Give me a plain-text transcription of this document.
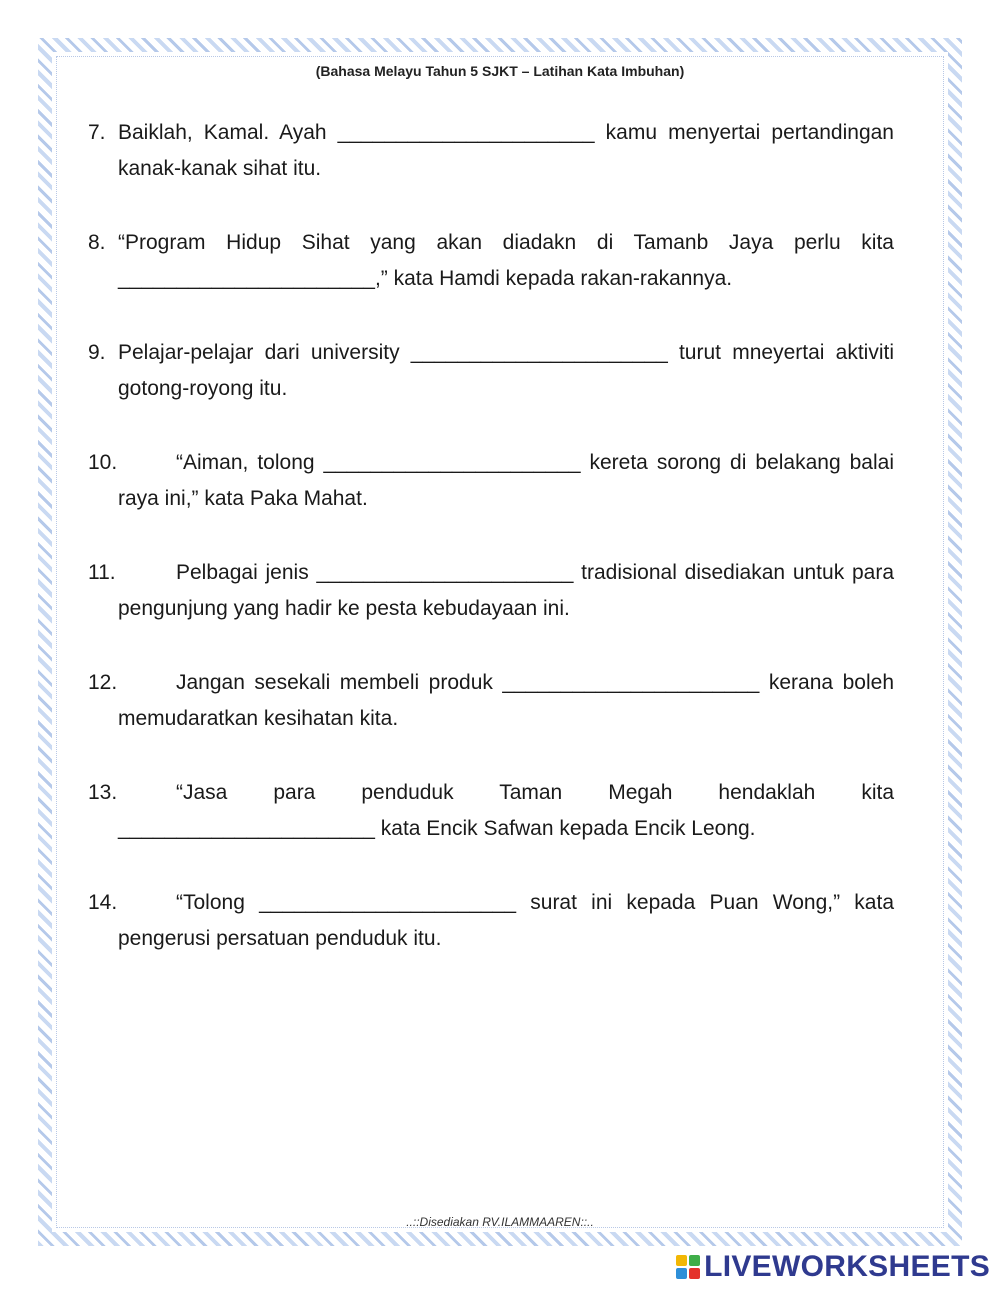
(Bahasa Melayu Tahun 5 SJKT – Latihan Kata Imbuhan)
7. Baiklah, Kamal. Ayah ______________________ kamu menyertai pertandingan kanak-kanak sihat itu.
8. “Program Hidup Sihat yang akan diadakn di Tamanb Jaya perlu kita ______________________,” kata Hamdi kepada rakan-rakannya.
9. Pelajar-pelajar dari university ______________________ turut mneyertai aktiviti gotong-royong itu.
10.	“Aiman, tolong ______________________ kereta sorong di belakang balai raya ini,” kata Paka Mahat.
11.	Pelbagai jenis ______________________ tradisional disediakan untuk para pengunjung yang hadir ke pesta kebudayaan ini.
12.	Jangan sesekali membeli produk ______________________ kerana boleh memudaratkan kesihatan kita.
13.	“Jasa para penduduk Taman Megah hendaklah kita ______________________ kata Encik Safwan kepada Encik Leong.
14.	“Tolong ______________________ surat ini kepada Puan Wong,” kata pengerusi persatuan penduduk itu.
..::Disediakan RV.ILAMMAAREN::..
LIVEWORKSHEETS
